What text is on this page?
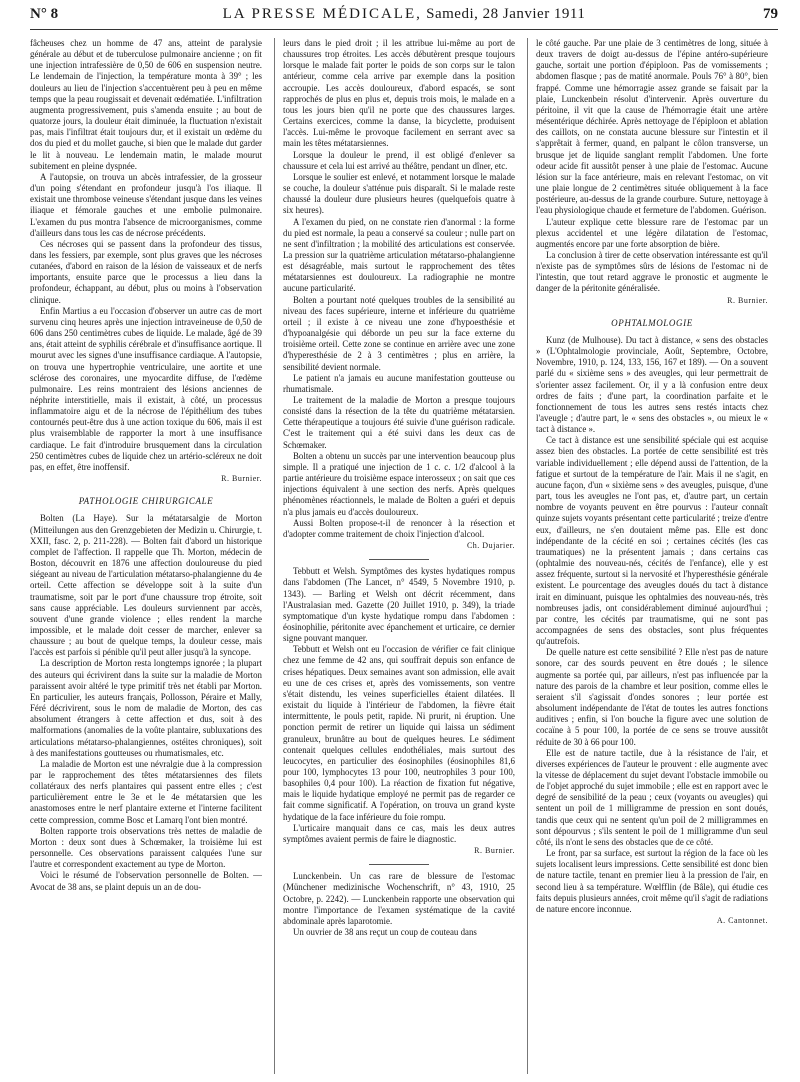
N° 8	LA PRESSE MÉDICALE, Samedi, 28 Janvier 1911	79

fâcheuses chez un homme de 47 ans, atteint de paralysie générale au début et de tuberculose pulmonaire ancienne ; on fit une injection intrafessière de 0,50 de 606 en suspension neutre. Le lendemain de l'injection, la température monta à 39° ; les douleurs au lieu de l'injection s'accentuèrent peu à peu en même temps que la peau rougissait et devenait œdématiée. L'infiltration augmenta progressivement, puis s'amenda ensuite ; au bout de quatorze jours, la douleur était diminuée, la fluctuation n'existait pas, mais l'infiltrat était toujours dur, et il existait un œdème du dos du pied et du mollet gauche, si bien que le malade dut garder le lit à nouveau. Le lendemain matin, le malade mourut subitement en pleine dyspnée.

A l'autopsie, on trouva un abcès intrafessier, de la grosseur d'un poing s'étendant en profondeur jusqu'à l'os iliaque. Il existait une thrombose veineuse s'étendant jusque dans les veines iliaque et fémorale gauches et une embolie pulmonaire. L'examen du pus montra l'absence de microorganismes, comme d'ailleurs dans tous les cas de nécrose précédents.

Ces nécroses qui se passent dans la profondeur des tissus, dans les fessiers, par exemple, sont plus graves que les nécroses cutanées, d'abord en raison de la lésion de vaisseaux et de nerfs importants, ensuite parce que le processus a lieu dans la profondeur, échappant, au début, plus ou moins à l'observation clinique.

Enfin Martius a eu l'occasion d'observer un autre cas de mort survenu cinq heures après une injection intraveineuse de 0,50 de 606 dans 250 centimètres cubes de liquide. Le malade, âgé de 39 ans, était atteint de syphilis cérébrale et d'insuffisance aortique. Il mourut avec les signes d'une insuffisance cardiaque. A l'autopsie, on trouva une hypertrophie ventriculaire, une aortite et une sclérose des coronaires, une myocardite diffuse, de l'œdème pulmonaire. Les reins montraient des lésions anciennes de néphrite interstitielle, mais il existait, à côté, un processus inflammatoire aigu et de la nécrose de l'épithélium des tubes contournés peut-être dus à une action toxique du 606, mais il est plus vraisemblable de rapporter la mort à une insuffisance cardiaque. Le fait d'introduire brusquement dans la circulation 250 centimètres cubes de liquide chez un artério-scléreux ne doit pas, en effet, être inoffensif.

R. Burnier.

PATHOLOGIE CHIRURGICALE

Bolten (La Haye). Sur la métatarsalgie de Morton (Mitteilungen aus den Grenzgebieten der Medizin u. Chirurgie, t. XXII, fasc. 2, p. 211-228). — Bolten fait d'abord un historique complet de l'affection. Il rappelle que Th. Morton, médecin de Boston, découvrit en 1876 une affection douloureuse du pied siégeant au niveau de l'articulation métatarso-phalangienne du 4e orteil. Cette affection se développe soit à la suite d'un traumatisme, soit par le port d'une chaussure trop étroite, soit sans cause appréciable. Les douleurs surviennent par accès, souvent d'une grande violence ; elles rendent la marche impossible, et le malade doit cesser de marcher, enlever sa chaussure ; au bout de quelque temps, la douleur cesse, mais l'accès est parfois si pénible qu'il peut aller jusqu'à la syncope.

La description de Morton resta longtemps ignorée ; la plupart des auteurs qui écrivirent dans la suite sur la maladie de Morton paraissent avoir altéré le type primitif très net établi par Morton. En particulier, les auteurs français, Pollosson, Péraire et Mally, Féré décrivirent, sous le nom de maladie de Morton, des cas absolument étrangers à cette affection et dus, soit à des malformations (anomalies de la voûte plantaire, subluxations des articulations métatarso-phalangiennes, ostéites chroniques), soit à des manifestations goutteuses ou rhumatismales, etc.

La maladie de Morton est une névralgie due à la compression par le rapprochement des têtes métatarsiennes des filets collatéraux des nerfs plantaires qui passent entre elles ; c'est particulièrement entre le 3e et le 4e métatarsien que les anastomoses entre le nerf plantaire externe et l'interne facilitent cette compression, comme Bosc et Lamarq l'ont bien montré.

Bolten rapporte trois observations très nettes de maladie de Morton : deux sont dues à Schœmaker, la troisième lui est personnelle. Ces observations paraissent calquées l'une sur l'autre et correspondent exactement au type de Morton.

Voici le résumé de l'observation personnelle de Bolten. — Avocat de 38 ans, se plaint depuis un an de dou-

leurs dans le pied droit ; il les attribue lui-même au port de chaussures trop étroites. Les accès débutèrent presque toujours lorsque le malade fait porter le poids de son corps sur le talon antérieur, comme cela arrive par exemple dans la position accroupie. Les accès douloureux, d'abord espacés, se sont rapprochés de plus en plus et, depuis trois mois, le malade en a tous les jours bien qu'il ne porte que des chaussures larges. Certains exercices, comme la danse, la bicyclette, produisent l'accès. Lui-même le provoque facilement en serrant avec sa main les têtes métatarsiennes.

Lorsque la douleur le prend, il est obligé d'enlever sa chaussure et cela lui est arrivé au théâtre, pendant un dîner, etc.

Lorsque le soulier est enlevé, et notamment lorsque le malade se couche, la douleur s'atténue puis disparaît. Si le malade reste chaussé la douleur dure plusieurs heures (quelquefois quatre à six heures).

A l'examen du pied, on ne constate rien d'anormal : la forme du pied est normale, la peau a conservé sa couleur ; nulle part on ne sent d'infiltration ; la mobilité des articulations est conservée. La pression sur la quatrième articulation métatarso-phalangienne est désagréable, mais surtout le rapprochement des têtes métatarsiennes est douloureux. La radiographie ne montre aucune particularité.

Bolten a pourtant noté quelques troubles de la sensibilité au niveau des faces supérieure, interne et inférieure du quatrième orteil ; il existe à ce niveau une zone d'hypoesthésie et d'hypoanalgésie qui déborde un peu sur la face externe du troisième orteil. Cette zone se continue en arrière avec une zone d'hyperesthésie de 2 à 3 centimètres ; plus en arrière, la sensibilité devient normale.

Le patient n'a jamais eu aucune manifestation goutteuse ou rhumatismale.

Le traitement de la maladie de Morton a presque toujours consisté dans la résection de la tête du quatrième métatarsien. Cette thérapeutique a toujours été suivie d'une guérison radicale. C'est le traitement qui a été suivi dans les deux cas de Schœmaker.

Bolten a obtenu un succès par une intervention beaucoup plus simple. Il a pratiqué une injection de 1 c. c. 1/2 d'alcool à la partie antérieure du troisième espace interosseux ; on sait que ces injections équivalent à une section des nerfs. Après quelques phénomènes réactionnels, le malade de Bolten a guéri et depuis n'a plus jamais eu d'accès douloureux.

Aussi Bolten propose-t-il de renoncer à la résection et d'adopter comme traitement de choix l'injection d'alcool.

Ch. Dujarier.

Tebbutt et Welsh. Symptômes des kystes hydatiques rompus dans l'abdomen (The Lancet, n° 4549, 5 Novembre 1910, p. 1343). — Barling et Welsh ont décrit récemment, dans l'Australasian med. Gazette (20 Juillet 1910, p. 349), la triade symptomatique d'un kyste hydatique rompu dans l'abdomen : éosinophilie, péritonite avec épanchement et urticaire, ce dernier signe pouvant manquer.

Tebbutt et Welsh ont eu l'occasion de vérifier ce fait clinique chez une femme de 42 ans, qui souffrait depuis son enfance de crises hépatiques. Deux semaines avant son admission, elle avait eu une de ces crises et, après des vomissements, son ventre s'était distendu, les veines superficielles étaient dilatées. Il existait du liquide à l'intérieur de l'abdomen, la fièvre était intermittente, le pouls petit, rapide. Ni prurit, ni éruption. Une ponction permit de retirer un liquide qui laissa un sédiment granuleux, brunâtre au bout de quelques heures. Le sédiment contenait quelques cellules endothéliales, mais surtout des leucocytes, en particulier des éosinophiles (éosinophiles 81,6 pour 100, lymphocytes 13 pour 100, neutrophiles 3 pour 100, basophiles 0,4 pour 100). La réaction de fixation fut négative, mais le liquide hydatique employé ne permit pas de regarder ce fait comme significatif. A l'opération, on trouva un grand kyste hydatique de la face inférieure du foie rompu.

L'urticaire manquait dans ce cas, mais les deux autres symptômes avaient permis de faire le diagnostic.

R. Burnier.

Lunckenbein. Un cas rare de blessure de l'estomac (Münchener medizinische Wochenschrift, n° 43, 1910, 25 Octobre, p. 2242). — Lunckenbein rapporte une observation qui montre l'importance de l'examen systématique de la cavité abdominale après laparotomie.

Un ouvrier de 38 ans reçut un coup de couteau dans

le côté gauche. Par une plaie de 3 centimètres de long, située à deux travers de doigt au-dessus de l'épine antéro-supérieure gauche, sortait une portion d'épiploon. Pas de vomissements ; abdomen flasque ; pas de matité anormale. Pouls 76° à 80°, bien frappé. Comme une hémorragie assez grande se faisait par la plaie, Lunckenbein résolut d'intervenir. Après ouverture du péritoine, il vit que la cause de l'hémorragie était une artère mésentérique déchirée. Après nettoyage de l'épiploon et ablation des caillots, on ne constata aucune blessure sur l'intestin et il s'apprêtait à fermer, quand, en palpant le côlon transverse, un brusque jet de liquide sanglant remplit l'abdomen. Une forte odeur acide fit aussitôt penser à une plaie de l'estomac. Aucune lésion sur la face antérieure, mais en relevant l'estomac, on vit une plaie longue de 2 centimètres située obliquement à la face postérieure, au-dessus de la grande courbure. Suture, nettoyage à l'eau physiologique chaude et fermeture de l'abdomen. Guérison.

L'auteur explique cette blessure rare de l'estomac par un plexus accidentel et une légère dilatation de l'estomac, augmentés encore par une forte absorption de bière.

La conclusion à tirer de cette observation intéressante est qu'il n'existe pas de symptômes sûrs de lésions de l'estomac ni de l'intestin, que tout retard aggrave le pronostic et augmente le danger de la péritonite généralisée.

R. Burnier.

OPHTALMOLOGIE

Kunz (de Mulhouse). Du tact à distance, « sens des obstacles » (L'Ophtalmologie provinciale, Août, Septembre, Octobre, Novembre, 1910, p. 124, 133, 156, 167 et 189). — On a souvent parlé du « sixième sens » des aveugles, qui leur permettrait de s'orienter assez facilement. Or, il y a là confusion entre deux ordres de faits ; d'une part, la coordination parfaite et le fonctionnement de tous les autres sens restés intacts chez l'aveugle ; d'autre part, le « sens des obstacles », ou mieux le « tact à distance ».

Ce tact à distance est une sensibilité spéciale qui est acquise assez bien des obstacles. La portée de cette sensibilité est très variable individuellement ; elle dépend aussi de l'attention, de la fatigue et surtout de la température de l'air. Mais il ne s'agit, en aucune façon, d'un « sixième sens » des aveugles, puisque, d'une part, tous les aveugles ne l'ont pas, et, d'autre part, un certain nombre de voyants peuvent en être pourvus : l'auteur connaît quinze sujets voyants présentant cette particularité ; treize d'entre eux, d'ailleurs, ne s'en doutaient même pas. Elle est donc indépendante de la cécité en soi ; certaines cécités (les cas traumatiques) ne la présentent jamais ; dans certains cas (ophtalmie des nouveau-nés, cécités de l'enfance), elle y est assez fréquente, surtout si la nervosité et l'hyperesthésie générale existent. Le pourcentage des aveugles doués du tact à distance irait en diminuant, puisque les ophtalmies des nouveau-nés, très nombreuses jadis, ont considérablement diminué aujourd'hui ; par contre, les cécités par traumatisme, qui ne sont pas accompagnées de sens des obstacles, sont plus fréquentes qu'autrefois.

De quelle nature est cette sensibilité ? Elle n'est pas de nature sonore, car des sourds peuvent en être doués ; le silence augmente sa portée qui, par ailleurs, n'est pas influencée par la nature des parois de la chambre et leur position, comme elles le seraient s'il s'agissait d'ondes sonores ; leur portée est absolument indépendante de l'état de toutes les autres fonctions auditives ; enfin, si l'on bouche la figure avec une solution de cocaïne à 5 pour 100, la portée de ce sens se trouve aussitôt réduite de 30 à 66 pour 100.

Elle est de nature tactile, due à la résistance de l'air, et diverses expériences de l'auteur le prouvent : elle augmente avec la vitesse de déplacement du sujet devant l'obstacle immobile ou de l'objet approché du sujet immobile ; elle est en rapport avec le degré de sensibilité de la peau ; ceux (voyants ou aveugles) qui sentent un poil de 1 milligramme de pression en sont doués, tandis que ceux qui ne sentent qu'un poil de 2 milligrammes en sont dépourvus ; s'ils sentent le poil de 1 milligramme d'un seul côté, ils n'ont le sens des obstacles que de ce côté.

Le front, par sa surface, est surtout la région de la face où les sujets localisent leurs impressions. Cette sensibilité est donc bien de nature tactile, tenant en premier lieu à la pression de l'air, en second lieu à sa température. Wœlfflin (de Bâle), qui étudie ces faits depuis plusieurs années, croit même qu'il s'agit de radiations de nature encore inconnue.

A. Cantonnet.
